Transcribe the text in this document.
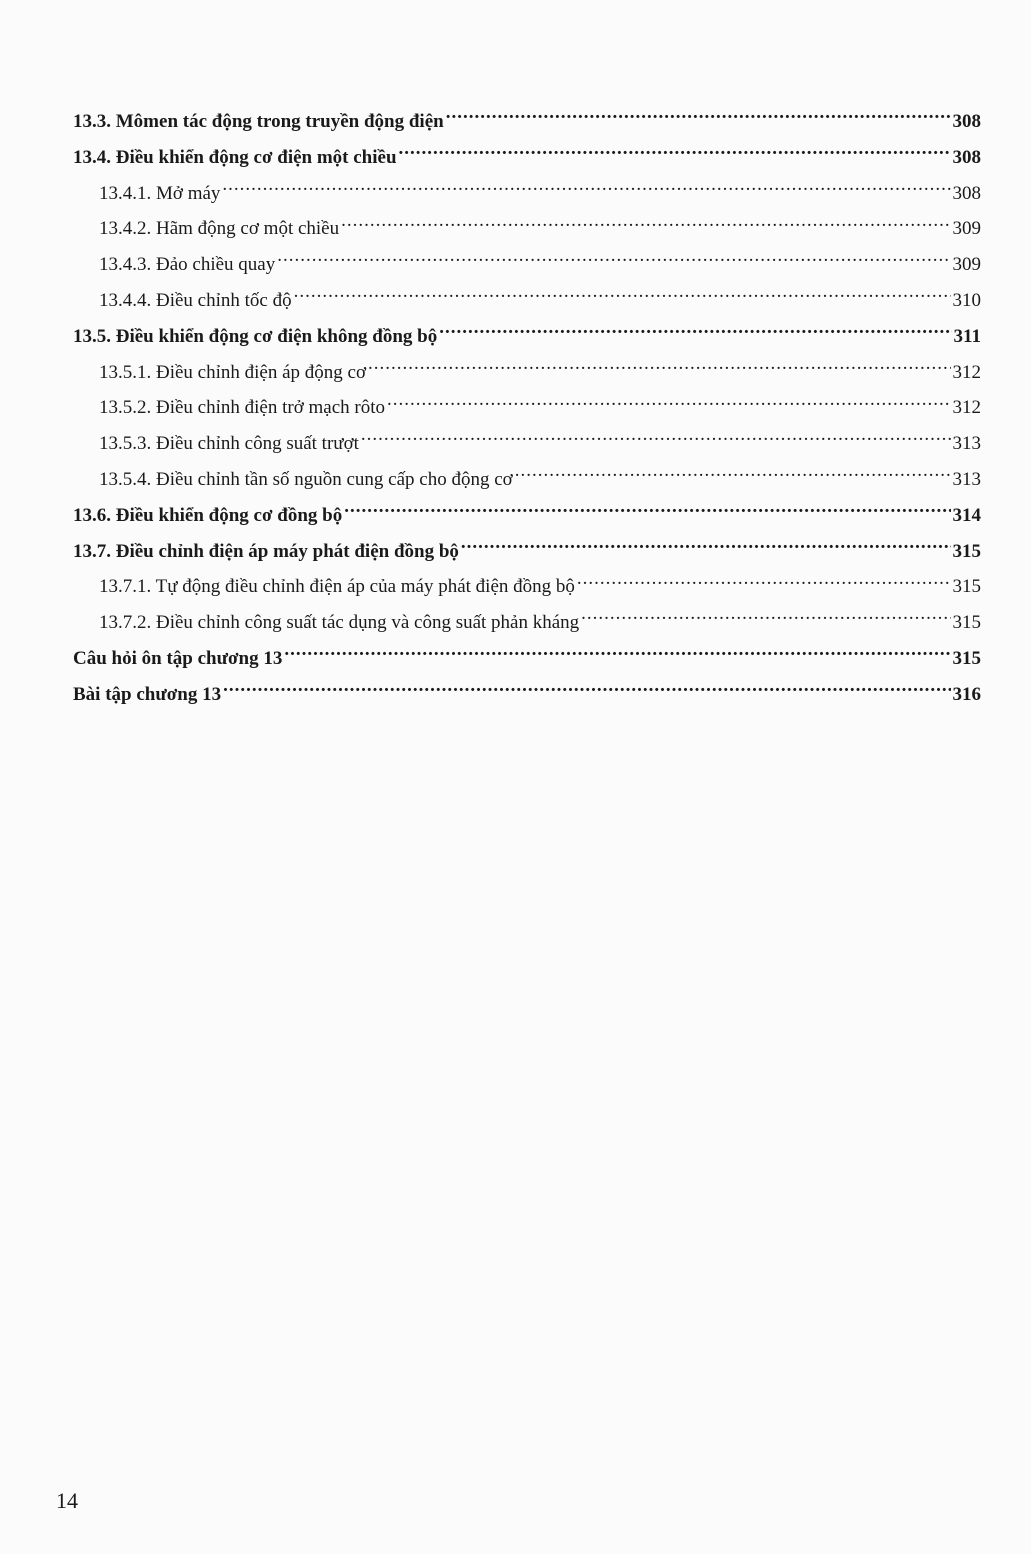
13.3. Mômen tác động trong truyền động điện .....	308
13.4. Điều khiển động cơ điện một chiều .....	308
13.4.1. Mở máy .....	308
13.4.2. Hãm động cơ một chiều .....	309
13.4.3. Đảo chiều quay .....	309
13.4.4. Điều chỉnh tốc độ .....	310
13.5. Điều khiển động cơ điện không đồng bộ .....	311
13.5.1. Điều chỉnh điện áp động cơ .....	312
13.5.2. Điều chỉnh điện trở mạch rôto .....	312
13.5.3. Điều chỉnh công suất trượt .....	313
13.5.4. Điều chỉnh tần số nguồn cung cấp cho động cơ .....	313
13.6. Điều khiển động cơ đồng bộ .....	314
13.7. Điều chỉnh điện áp máy phát điện đồng bộ .....	315
13.7.1. Tự động điều chỉnh điện áp của máy phát điện đồng bộ .....	315
13.7.2. Điều chỉnh công suất tác dụng và công suất phản kháng .....	315
Câu hỏi ôn tập chương 13 .....	315
Bài tập chương 13 .....	316
14
